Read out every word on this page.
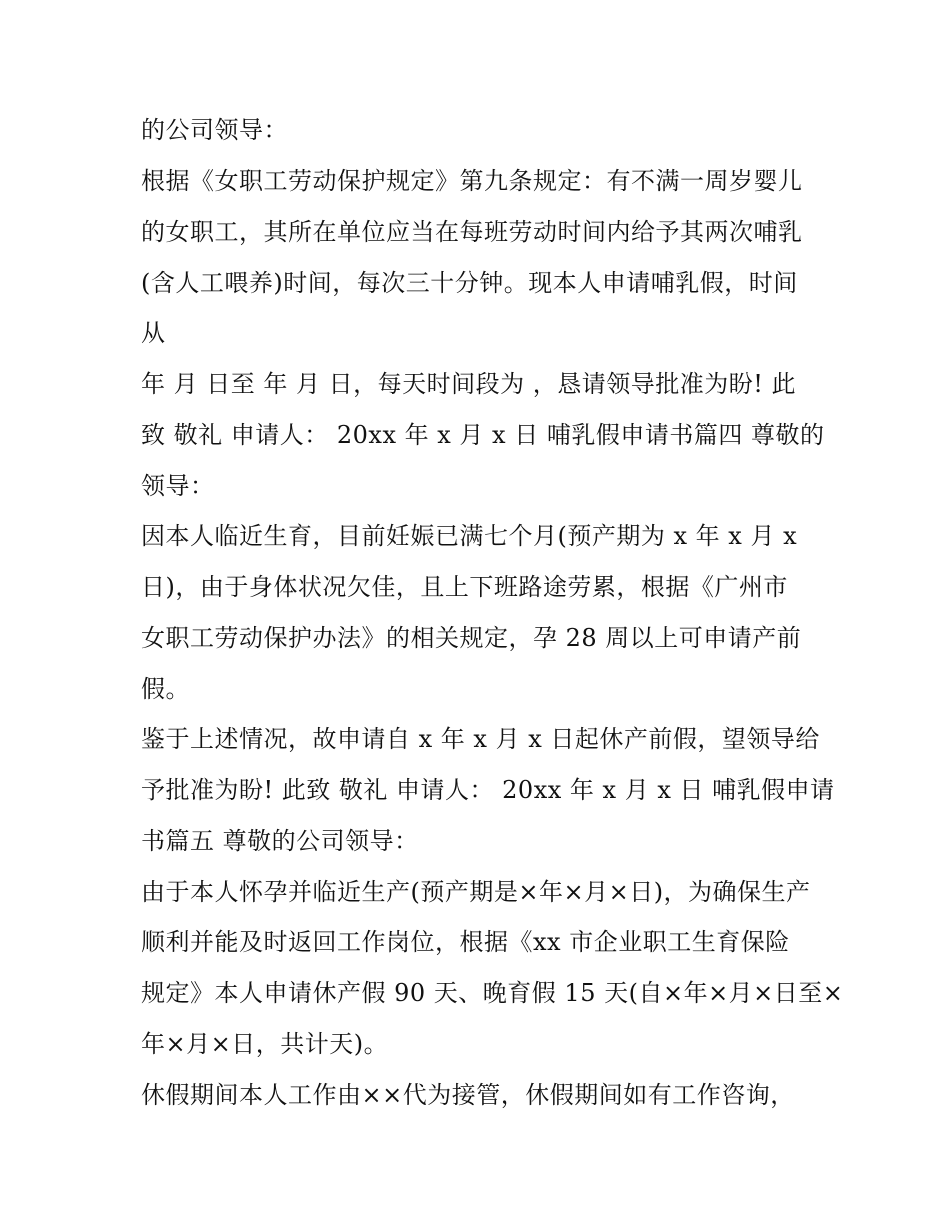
的公司领导：
根据《女职工劳动保护规定》第九条规定：有不满一周岁婴儿
的女职工，其所在单位应当在每班劳动时间内给予其两次哺乳
(含人工喂养)时间，每次三十分钟。现本人申请哺乳假，时间
从
年 月 日至 年 月 日，每天时间段为 ，恳请领导批准为盼! 此
致 敬礼 申请人： 20xx 年 x 月 x 日 哺乳假申请书篇四 尊敬的
领导：
因本人临近生育，目前妊娠已满七个月(预产期为 x 年 x 月 x
日)，由于身体状况欠佳，且上下班路途劳累，根据《广州市
女职工劳动保护办法》的相关规定，孕 28 周以上可申请产前
假。
鉴于上述情况，故申请自 x 年 x 月 x 日起休产前假，望领导给
予批准为盼! 此致 敬礼 申请人： 20xx 年 x 月 x 日 哺乳假申请
书篇五 尊敬的公司领导：
由于本人怀孕并临近生产(预产期是×年×月×日)，为确保生产
顺利并能及时返回工作岗位，根据《xx 市企业职工生育保险
规定》本人申请休产假 90 天、晚育假 15 天(自×年×月×日至×
年×月×日，共计天)。
休假期间本人工作由××代为接管，休假期间如有工作咨询，
